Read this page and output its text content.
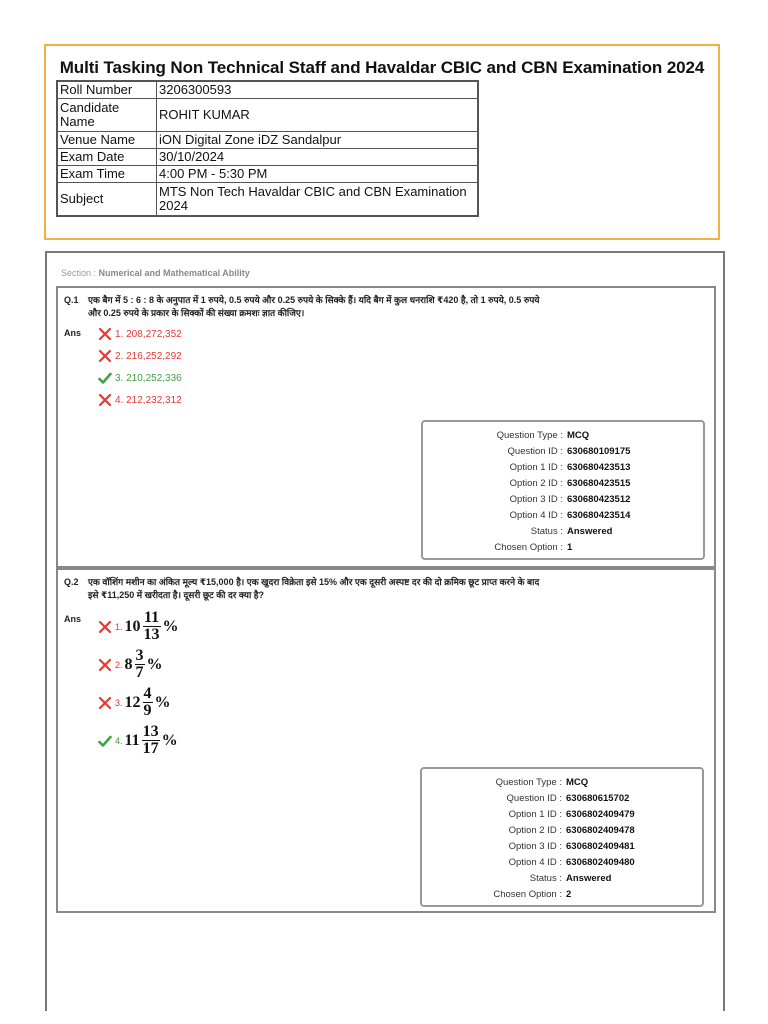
Multi Tasking Non Technical Staff and Havaldar CBIC and CBN Examination 2024
Roll Number	3206300593
Candidate Name	ROHIT KUMAR
Venue Name	iON Digital Zone iDZ Sandalpur
Exam Date	30/10/2024
Exam Time	4:00 PM - 5:30 PM
Subject	MTS Non Tech Havaldar CBIC and CBN Examination 2024
Section : Numerical and Mathematical Ability
Q.1 एक बैग में 5 : 6 : 8 के अनुपात में 1 रुपये, 0.5 रुपये और 0.25 रुपये के सिक्के हैं। यदि बैग में कुल धनराशि ₹420 है, तो 1 रुपये, 0.5 रुपये और 0.25 रुपये के प्रकार के सिक्कों की संख्या क्रमशः ज्ञात कीजिए।
Ans	1. 208,272,352
2. 216,252,292
3. 210,252,336
4. 212,232,312
Question Type : MCQ
Question ID : 630680109175
Option 1 ID : 630680423513
Option 2 ID : 630680423515
Option 3 ID : 630680423512
Option 4 ID : 630680423514
Status : Answered
Chosen Option : 1
Q.2 एक वॉशिंग मशीन का अंकित मूल्य ₹15,000 है। एक खुदरा विक्रेता इसे 15% और एक दूसरी अस्पष्ट दर की दो क्रमिक छूट प्राप्त करने के बाद इसे ₹11,250 में खरीदता है। दूसरी छूट की दर क्या है?
Ans
1. $10 \frac{11}{13}$ %
2. $8 \frac{3}{7}$ %
3. $12 \frac{4}{9}$ %
4. $11 \frac{13}{17}$ %
Question Type : MCQ
Question ID : 630680615702
Option 1 ID : 6306802409479
Option 2 ID : 6306802409478
Option 3 ID : 6306802409481
Option 4 ID : 6306802409480
Status : Answered
Chosen Option : 2
